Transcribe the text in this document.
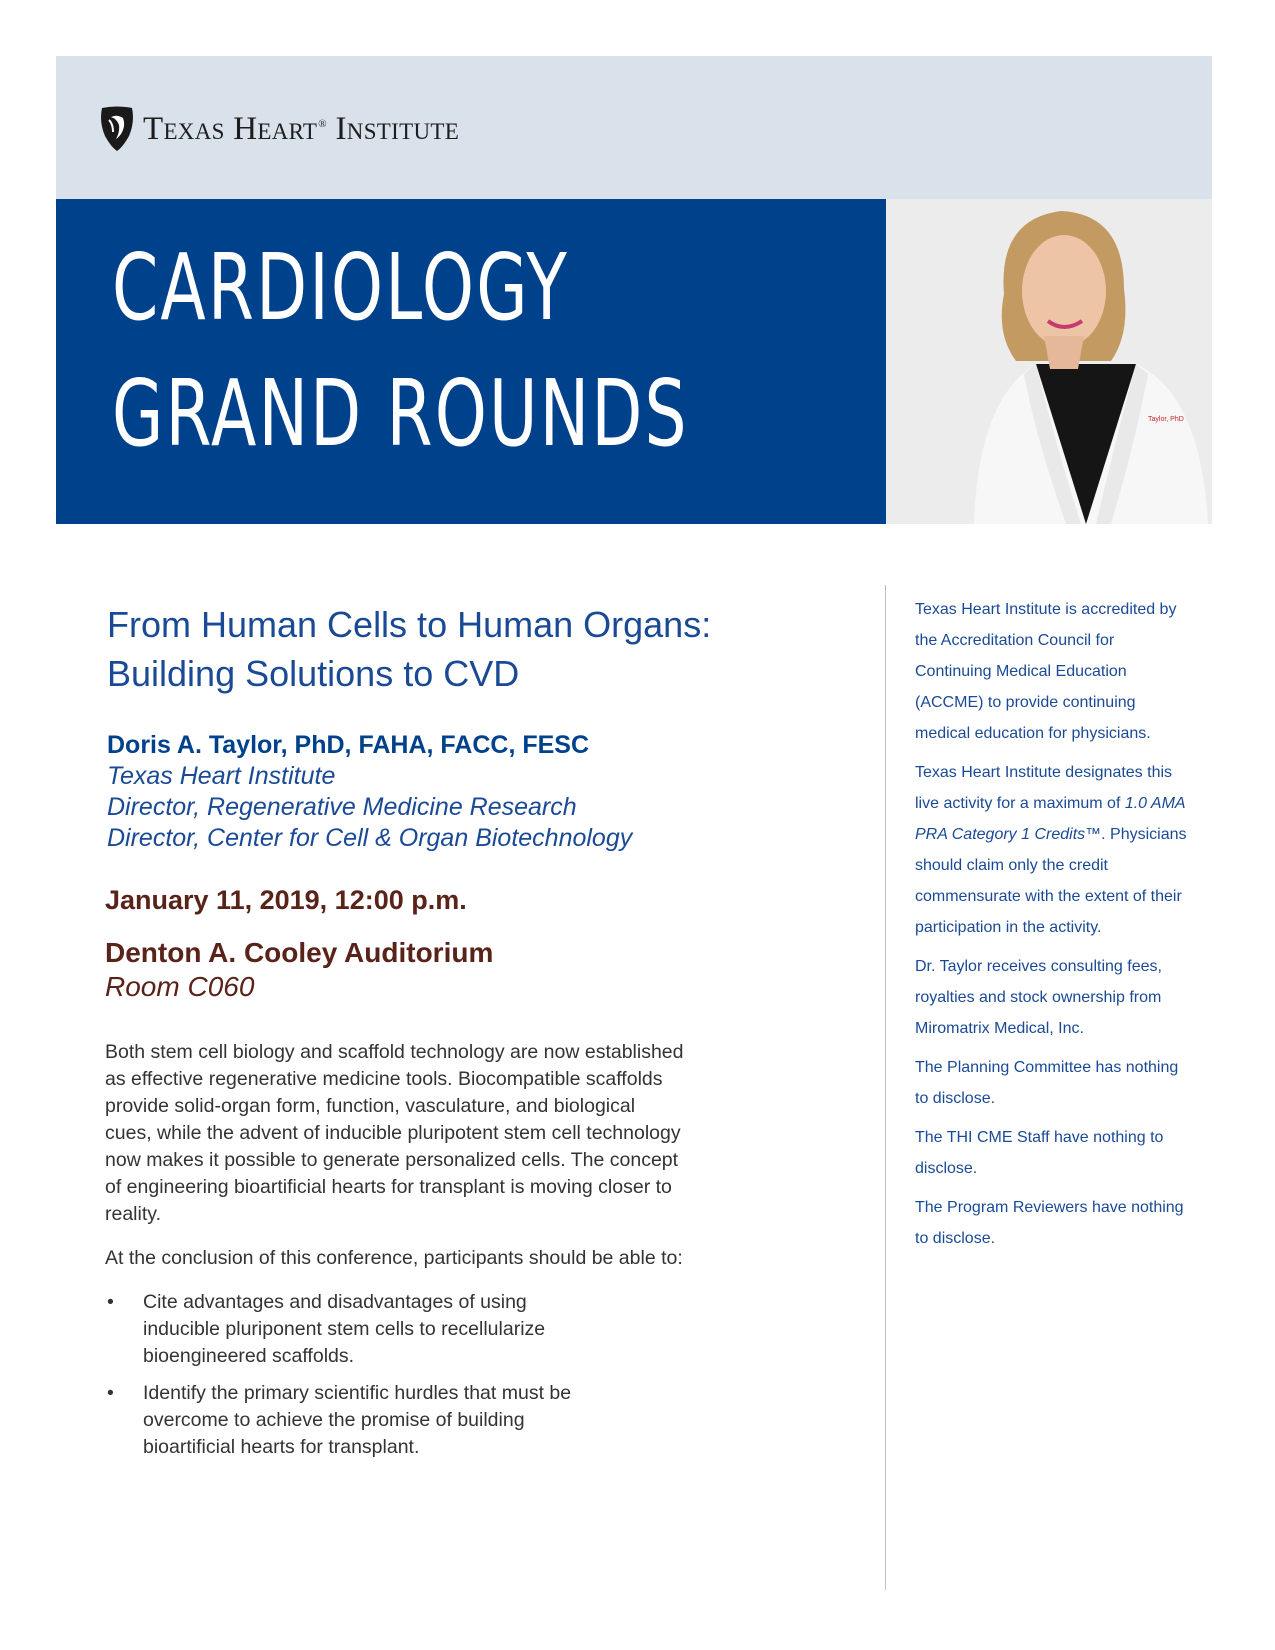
Texas Heart® Institute
CARDIOLOGY
GRAND ROUNDS	Taylor, PhD
From Human Cells to Human Organs:
Building Solutions to CVD
Doris A. Taylor, PhD, FAHA, FACC, FESC
Texas Heart Institute
Director, Regenerative Medicine Research
Director, Center for Cell & Organ Biotechnology
January 11, 2019, 12:00 p.m.
Denton A. Cooley Auditorium
Room C060

Both stem cell biology and scaffold technology are now established as effective regenerative medicine tools. Biocompatible scaffolds provide solid-organ form, function, vasculature, and biological cues, while the advent of inducible pluripotent stem cell technology now makes it possible to generate personalized cells. The concept of engineering bioartificial hearts for transplant is moving closer to reality.

At the conclusion of this conference, participants should be able to:

• Cite advantages and disadvantages of using inducible pluriponent stem cells to recellularize bioengineered scaffolds.
• Identify the primary scientific hurdles that must be overcome to achieve the promise of building bioartificial hearts for transplant.

Texas Heart Institute is accredited by the Accreditation Council for Continuing Medical Education (ACCME) to provide continuing medical education for physicians.

Texas Heart Institute designates this live activity for a maximum of 1.0 AMA PRA Category 1 Credits™. Physicians should claim only the credit commensurate with the extent of their participation in the activity.

Dr. Taylor receives consulting fees, royalties and stock ownership from Miromatrix Medical, Inc.

The Planning Committee has nothing to disclose.

The THI CME Staff have nothing to disclose.

The Program Reviewers have nothing to disclose.
